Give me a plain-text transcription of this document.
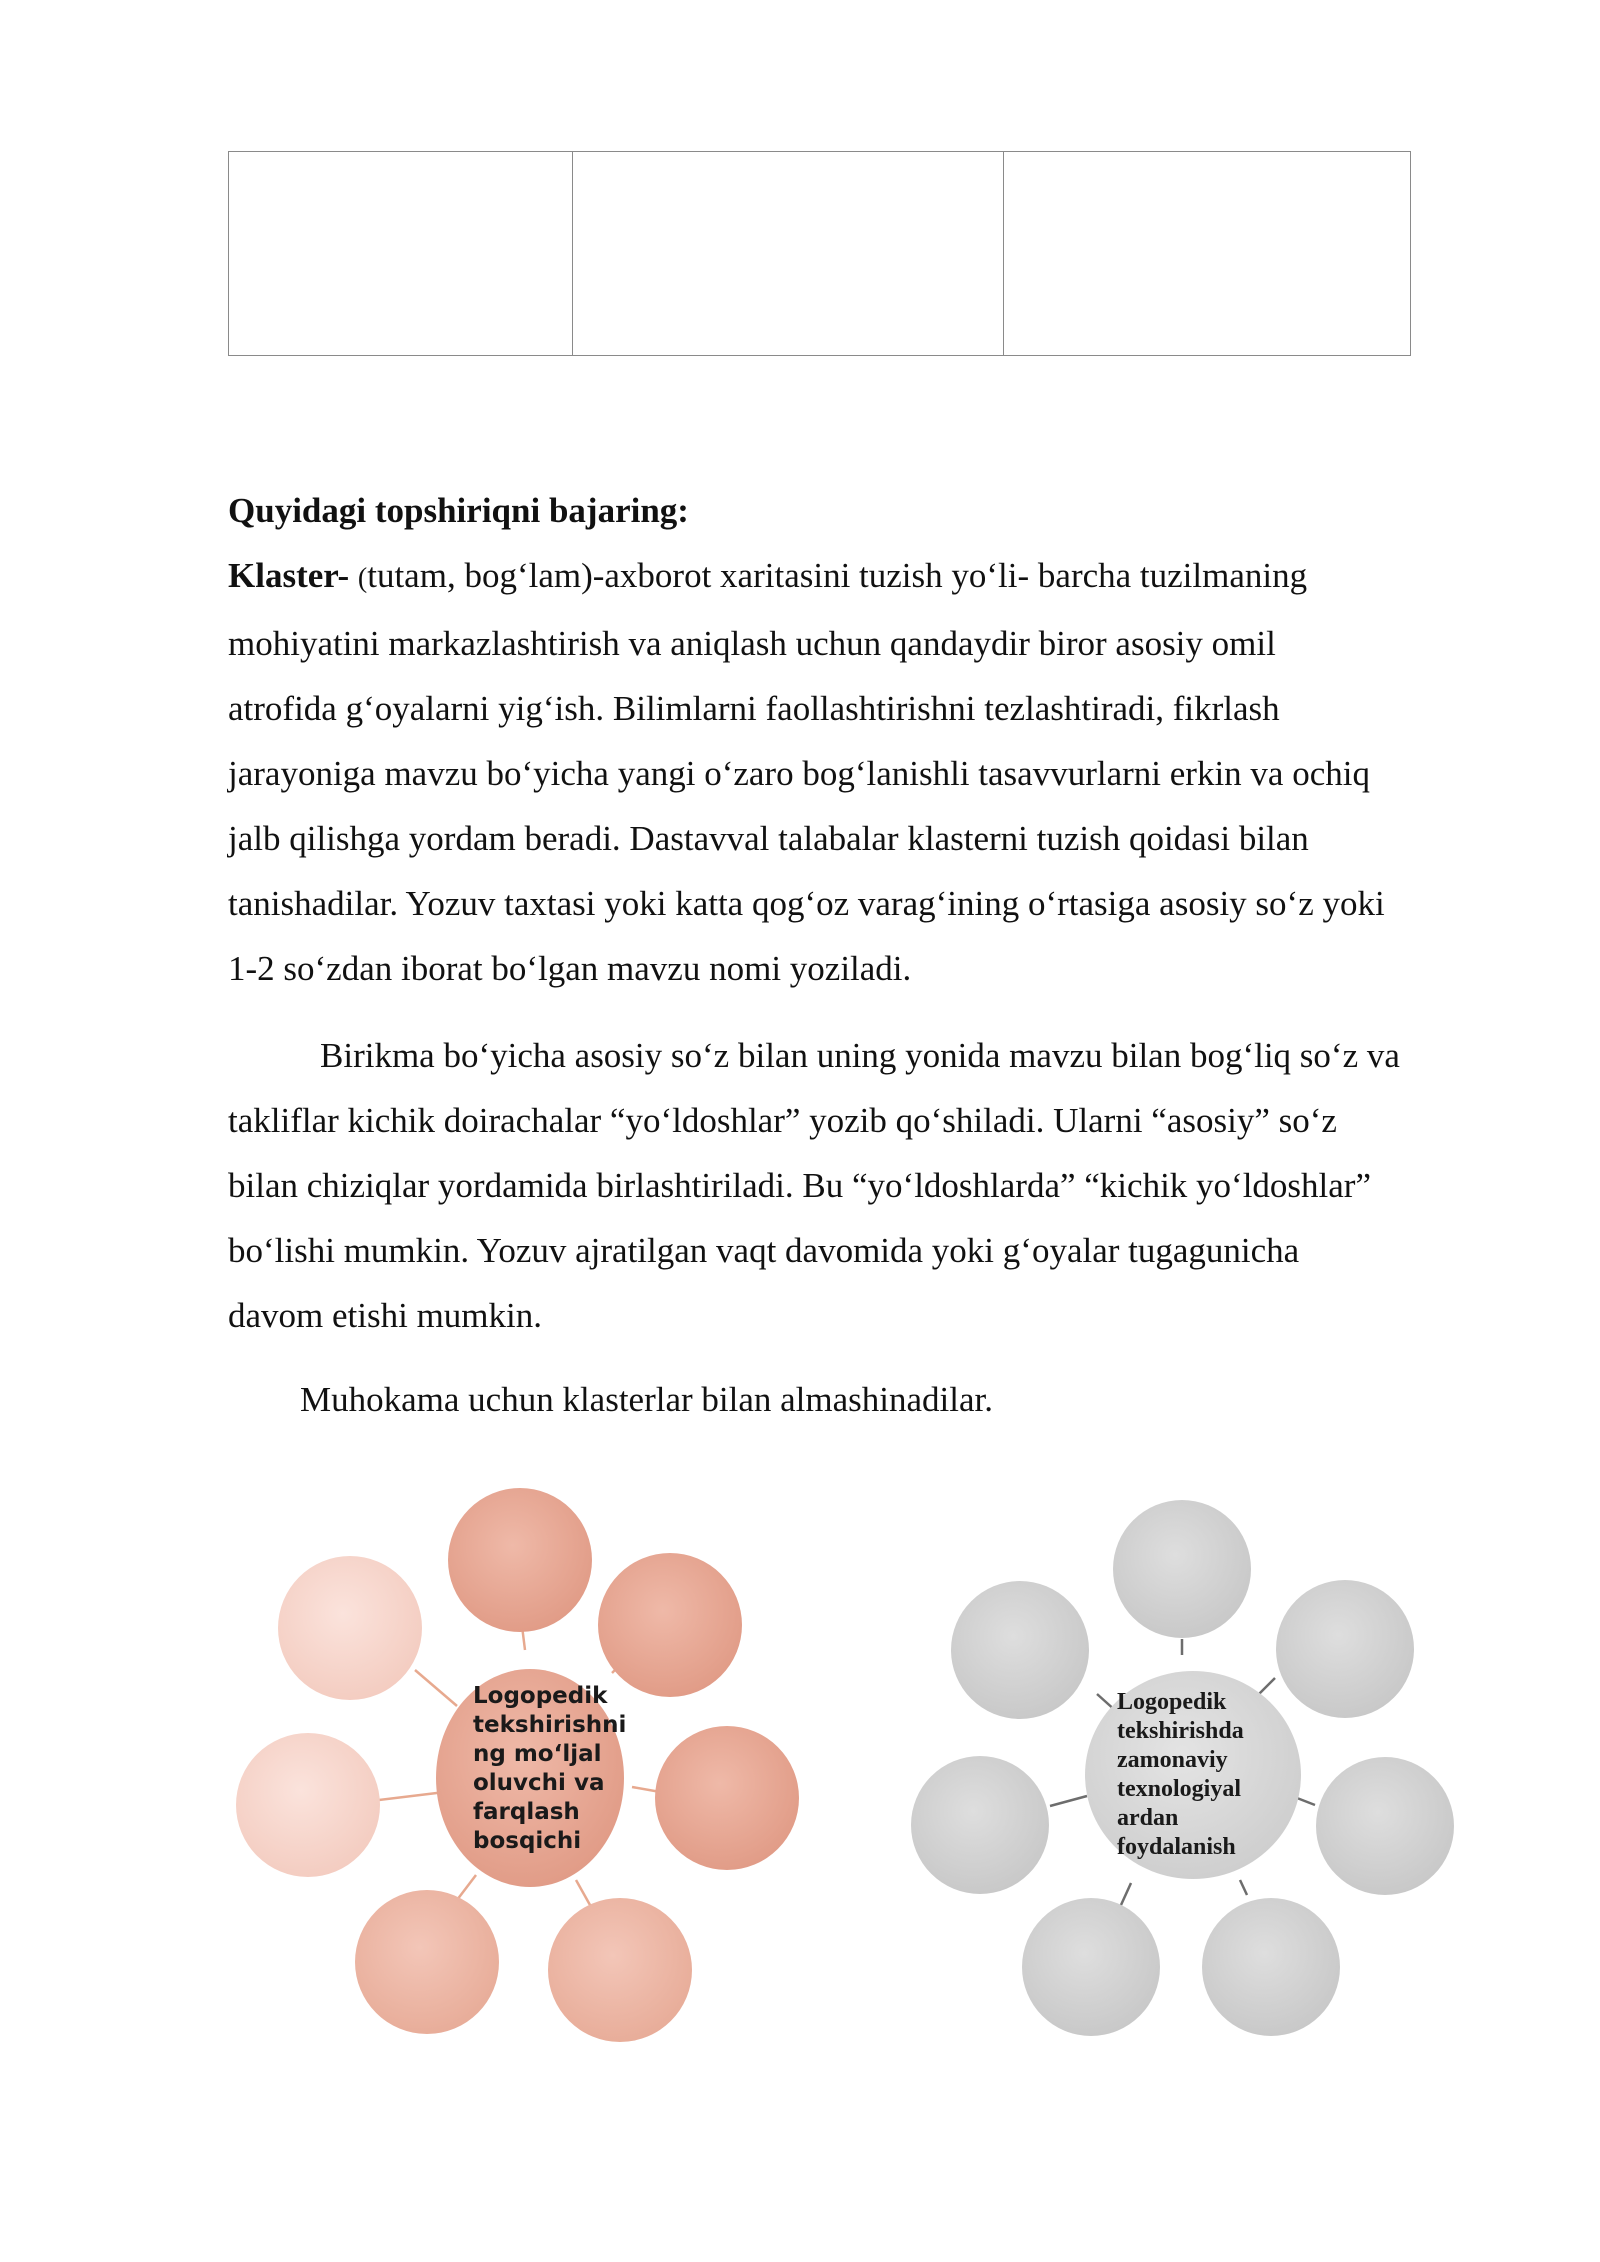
Quyidagi topshiriqni bajaring:
Klaster- (tutam, bog‘lam)-axborot xaritasini tuzish yo‘li- barcha tuzilmaning
mohiyatini markazlashtirish va aniqlash uchun qandaydir biror asosiy omil
atrofida g‘oyalarni yig‘ish. Bilimlarni faollashtirishni tezlashtiradi, fikrlash
jarayoniga mavzu bo‘yicha yangi o‘zaro bog‘lanishli tasavvurlarni erkin va ochiq
jalb qilishga yordam beradi. Dastavval talabalar klasterni tuzish qoidasi bilan
tanishadilar. Yozuv taxtasi yoki katta qog‘oz varag‘ining o‘rtasiga asosiy so‘z yoki
1-2 so‘zdan iborat bo‘lgan mavzu nomi yoziladi.
Birikma bo‘yicha asosiy so‘z bilan uning yonida mavzu bilan bog‘liq so‘z va
takliflar kichik doirachalar “yo‘ldoshlar” yozib qo‘shiladi. Ularni “asosiy” so‘z
bilan chiziqlar yordamida birlashtiriladi. Bu “yo‘ldoshlarda” “kichik yo‘ldoshlar”
bo‘lishi mumkin. Yozuv ajratilgan vaqt davomida yoki g‘oyalar tugagunicha
davom etishi mumkin.
Muhokama uchun klasterlar bilan almashinadilar.
Logopedik
tekshirishni
ng mo‘ljal
oluvchi va
farqlash
bosqichi
Logopedik
tekshirishda
zamonaviy
texnologiyal
ardan
foydalanish
